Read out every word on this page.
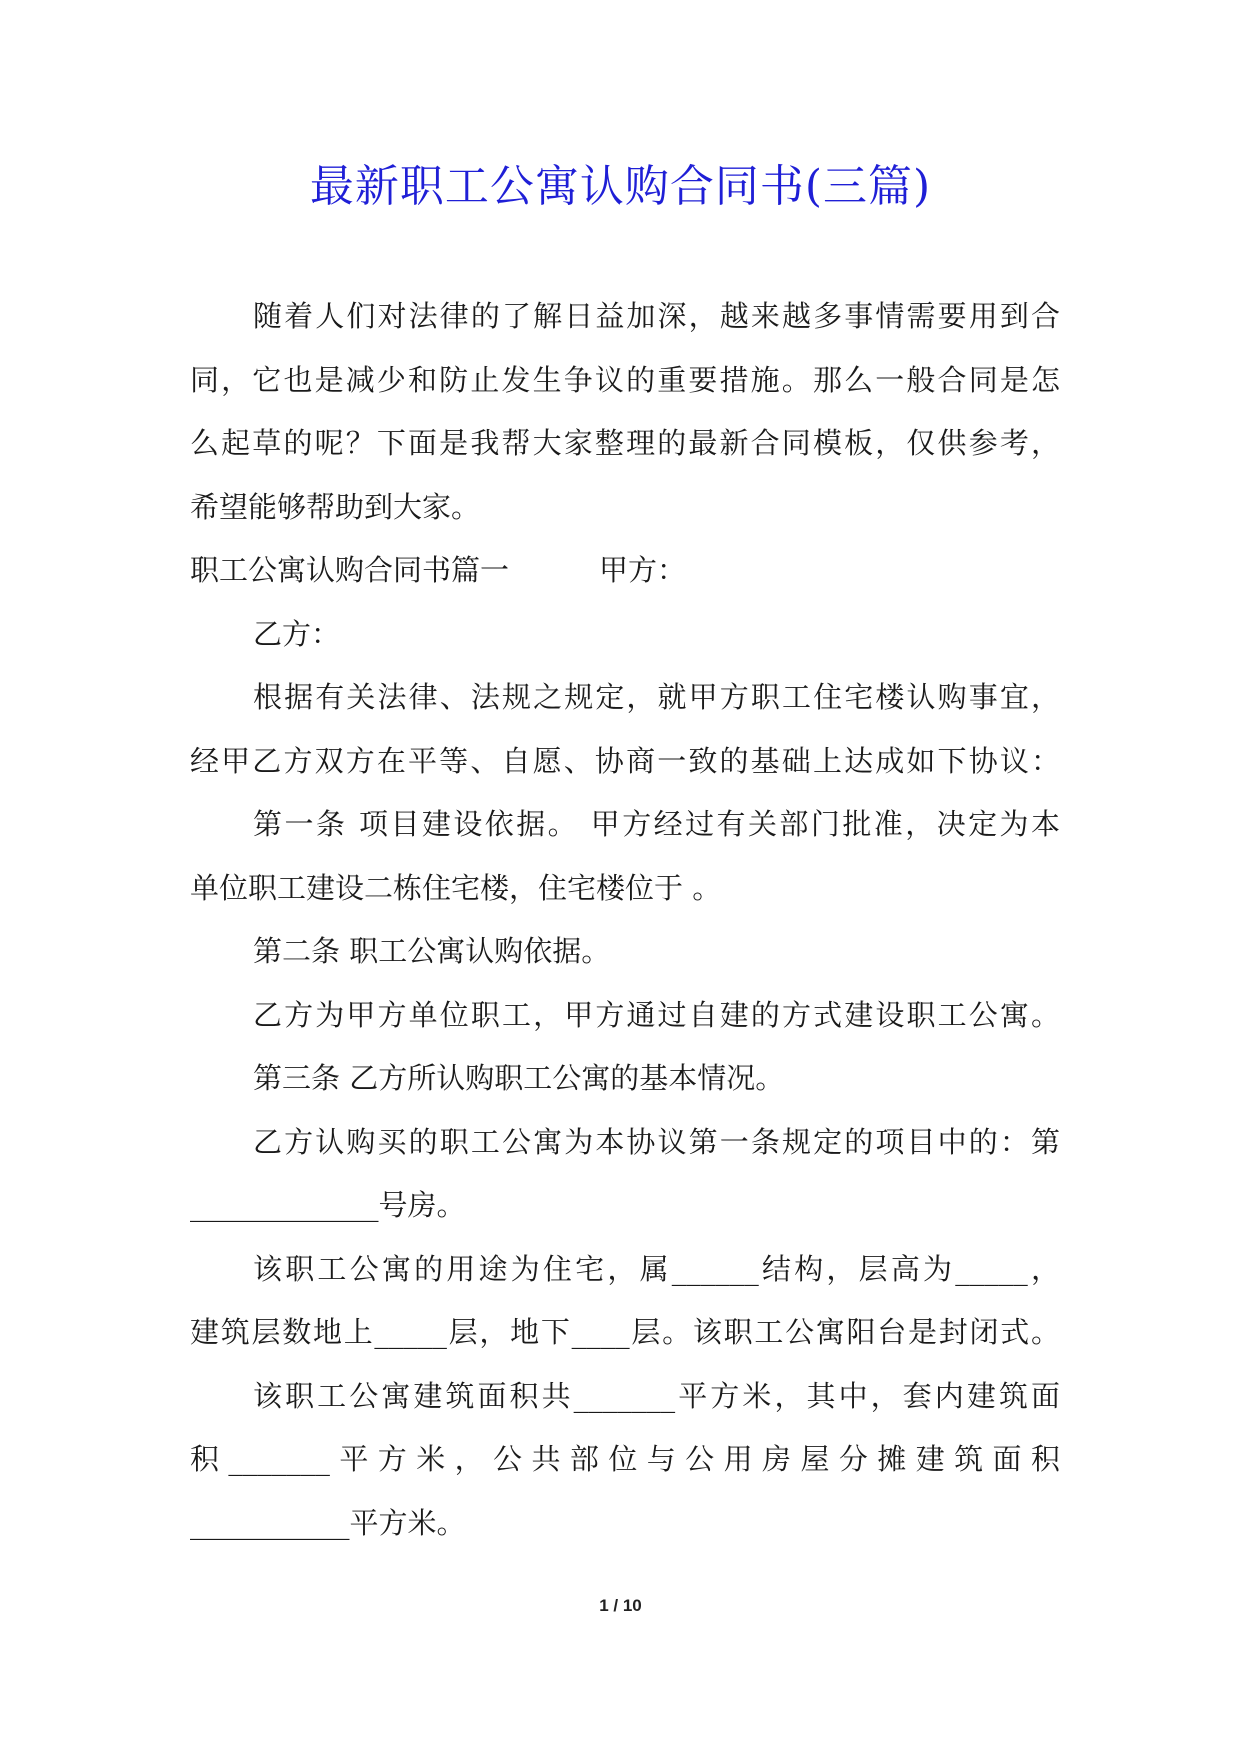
最新职工公寓认购合同书(三篇)
随着人们对法律的了解日益加深，越来越多事情需要用到合
同，它也是减少和防止发生争议的重要措施。那么一般合同是怎
么起草的呢？下面是我帮大家整理的最新合同模板，仅供参考，
希望能够帮助到大家。
职工公寓认购合同书篇一	甲方：
乙方：
根据有关法律、法规之规定，就甲方职工住宅楼认购事宜，
经甲乙方双方在平等、自愿、协商一致的基础上达成如下协议：
第一条 项目建设依据。 甲方经过有关部门批准，决定为本
单位职工建设二栋住宅楼，住宅楼位于 。
第二条 职工公寓认购依据。
乙方为甲方单位职工，甲方通过自建的方式建设职工公寓。
第三条 乙方所认购职工公寓的基本情况。
乙方认购买的职工公寓为本协议第一条规定的项目中的：第
_____________号房。
该职工公寓的用途为住宅，属______结构，层高为_____，
建筑层数地上_____层，地下____层。该职工公寓阳台是封闭式。
该职工公寓建筑面积共_______平方米，其中，套内建筑面
积_______平方米，公共部位与公用房屋分摊建筑面积
___________平方米。
1 / 10
